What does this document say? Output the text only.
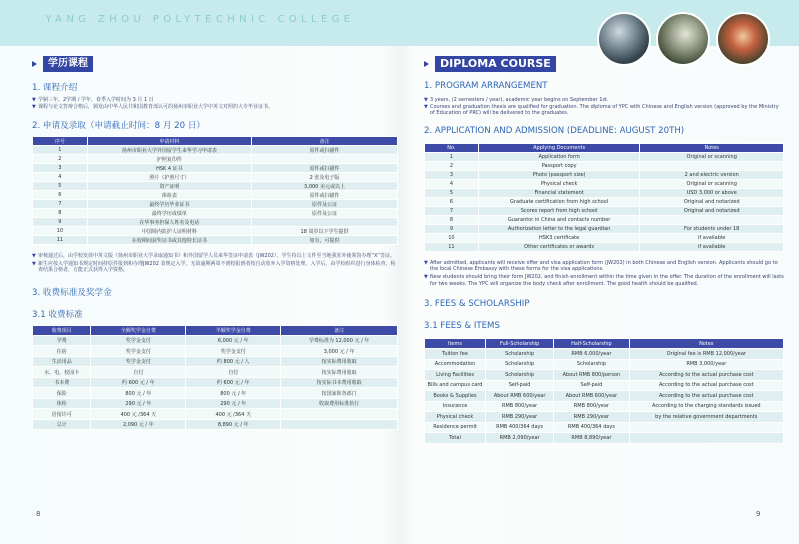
YANG ZHOU POLYTECHNIC COLLEGE
学历课程
1. 课程介绍
▼ 学制三年，2学期 / 学年，春季入学时间为 3 月 1 日
▼ 课程与论文答辩合格后，颁发由中华人民共和国教育部认可的扬州市职业大学中英文对照的大专毕业证书。
2. 申请及录取（申请截止时间：8 月 20 日）
序号	申请材料	备注
1	扬州市职业大学外国留学生来华学习申请表	原件或扫描件
2	护照复印件	
3	HSK 4 证书	原件或扫描件
4	照片（护照尺寸）	2 张及电子版
5	资产证明	3,000 美元或以上
6	体检表	原件或扫描件
7	最终学历毕业证书	原件及公证
8	最终学历成绩单	原件及公证
9	在华事务担保人姓名及电话	
10	中国境内监护人证明材料	18 周岁以下学生提供
11	在校期间获奖证书或其他特长证书	如有，可提供
▼ 审核通过后，由学校发放中英文版《扬州市职业大学录取通知书》和外国留学人员来华签证申请表（JW202），学生持以上文件至当地我驻外使领馆办理“X”签证。
▼ 新生应按入学通知书规定时间持原件报到和办理JW202 表规定入学。无故逾期两周不到校报到者按自动放弃入学资格处理。入学后，由学校组织进行身体检查，检查结果合格者，方能正式获得入学资格。
3. 收费标准及奖学金
3.1 收费标准
收费项目	全额奖学金自费	半额奖学金自费	备注
学费	奖学金支付	6,000 元 / 年	学费标准为 12,000 元 / 年
住宿	奖学金支付	奖学金支付	3,000 元 / 年
生活用品	奖学金支付	约 800 元 / 人	按实际费用收取
水、电、校园卡	自付	自付	按实际费用收取
书本费	约 600 元 / 年	约 600 元 / 年	按实际书本费用收取
保险	800 元 / 年	800 元 / 年	按国家和各部门
体检	290 元 / 年	290 元 / 年	收取费用标准执行
居留许可	400 元 /364 天	400 元 /364 天	
总计	2,090 元 / 年	8,890 元 / 年	
8
DIPLOMA COURSE
1. PROGRAM ARRANGEMENT
▼ 3 years, (2 semesters / year), academic year begins on September 1st.
▼ Courses and graduation thesis are qualified for graduation. The diploma of YPC with Chinese and English version (approved by the Ministry of Education of PRC) will be delivered to the graduates.
2. APPLICATION AND ADMISSION (DEADLINE: AUGUST 20TH)
No.	Applying Documents	Notes
1	Application form	Original or scanning
2	Passport copy	
3	Photo (passport size)	2 and electric version
4	Physical check	Original or scanning
5	Financial statement	USD 3,000 or above
6	Graduate certification from high school	Original and notarized
7	Scores report from high school	Original and notarized
8	Guarantor in China and contacts number	
9	Authorization letter to the legal guardian	For students under 18
10	HSK3 certificate	if available
11	Other certificates or awards	if available
▼ After admitted, applicants will receive offer and visa application form (JW202) in both Chinese and English version. Applicants should go to the local Chinese Embassy with these forms for the visa applications.
▼ New students should bring their form JW202, and finish enrollment within the time given in the offer. The duration of the enrollment will lasts for two weeks. The YPC will organize the body check after enrollment. The good health should be qualified.
3. FEES & SCHOLARSHIP
3.1 FEES & ITEMS
Items	Full-Scholarship	Half-Scholarship	Notes
Tuition fee	Scholarship	RMB 6,000/year	Original fee is RMB 12,000/year
Accommodation	Scholarship	Scholarship	RMB 3,000/year
Living Facilities	Scholarship	About RMB 800/person	According to the actual purchase cost
Bills and campus card	Self-paid	Self-paid	According to the actual purchase cost
Books & Supplies	About RMB 600/year	About RMB 600/year	According to the actual purchase cost
Insurance	RMB 800/year	RMB 800/year	According to the charging standards issued
Physical check	RMB 290/year	RMB 290/year	by the relative government departments
Residence permit	RMB 400/364 days	RMB 400/364 days	
Total	RMB 2,090/year	RMB 8,890/year	
9
